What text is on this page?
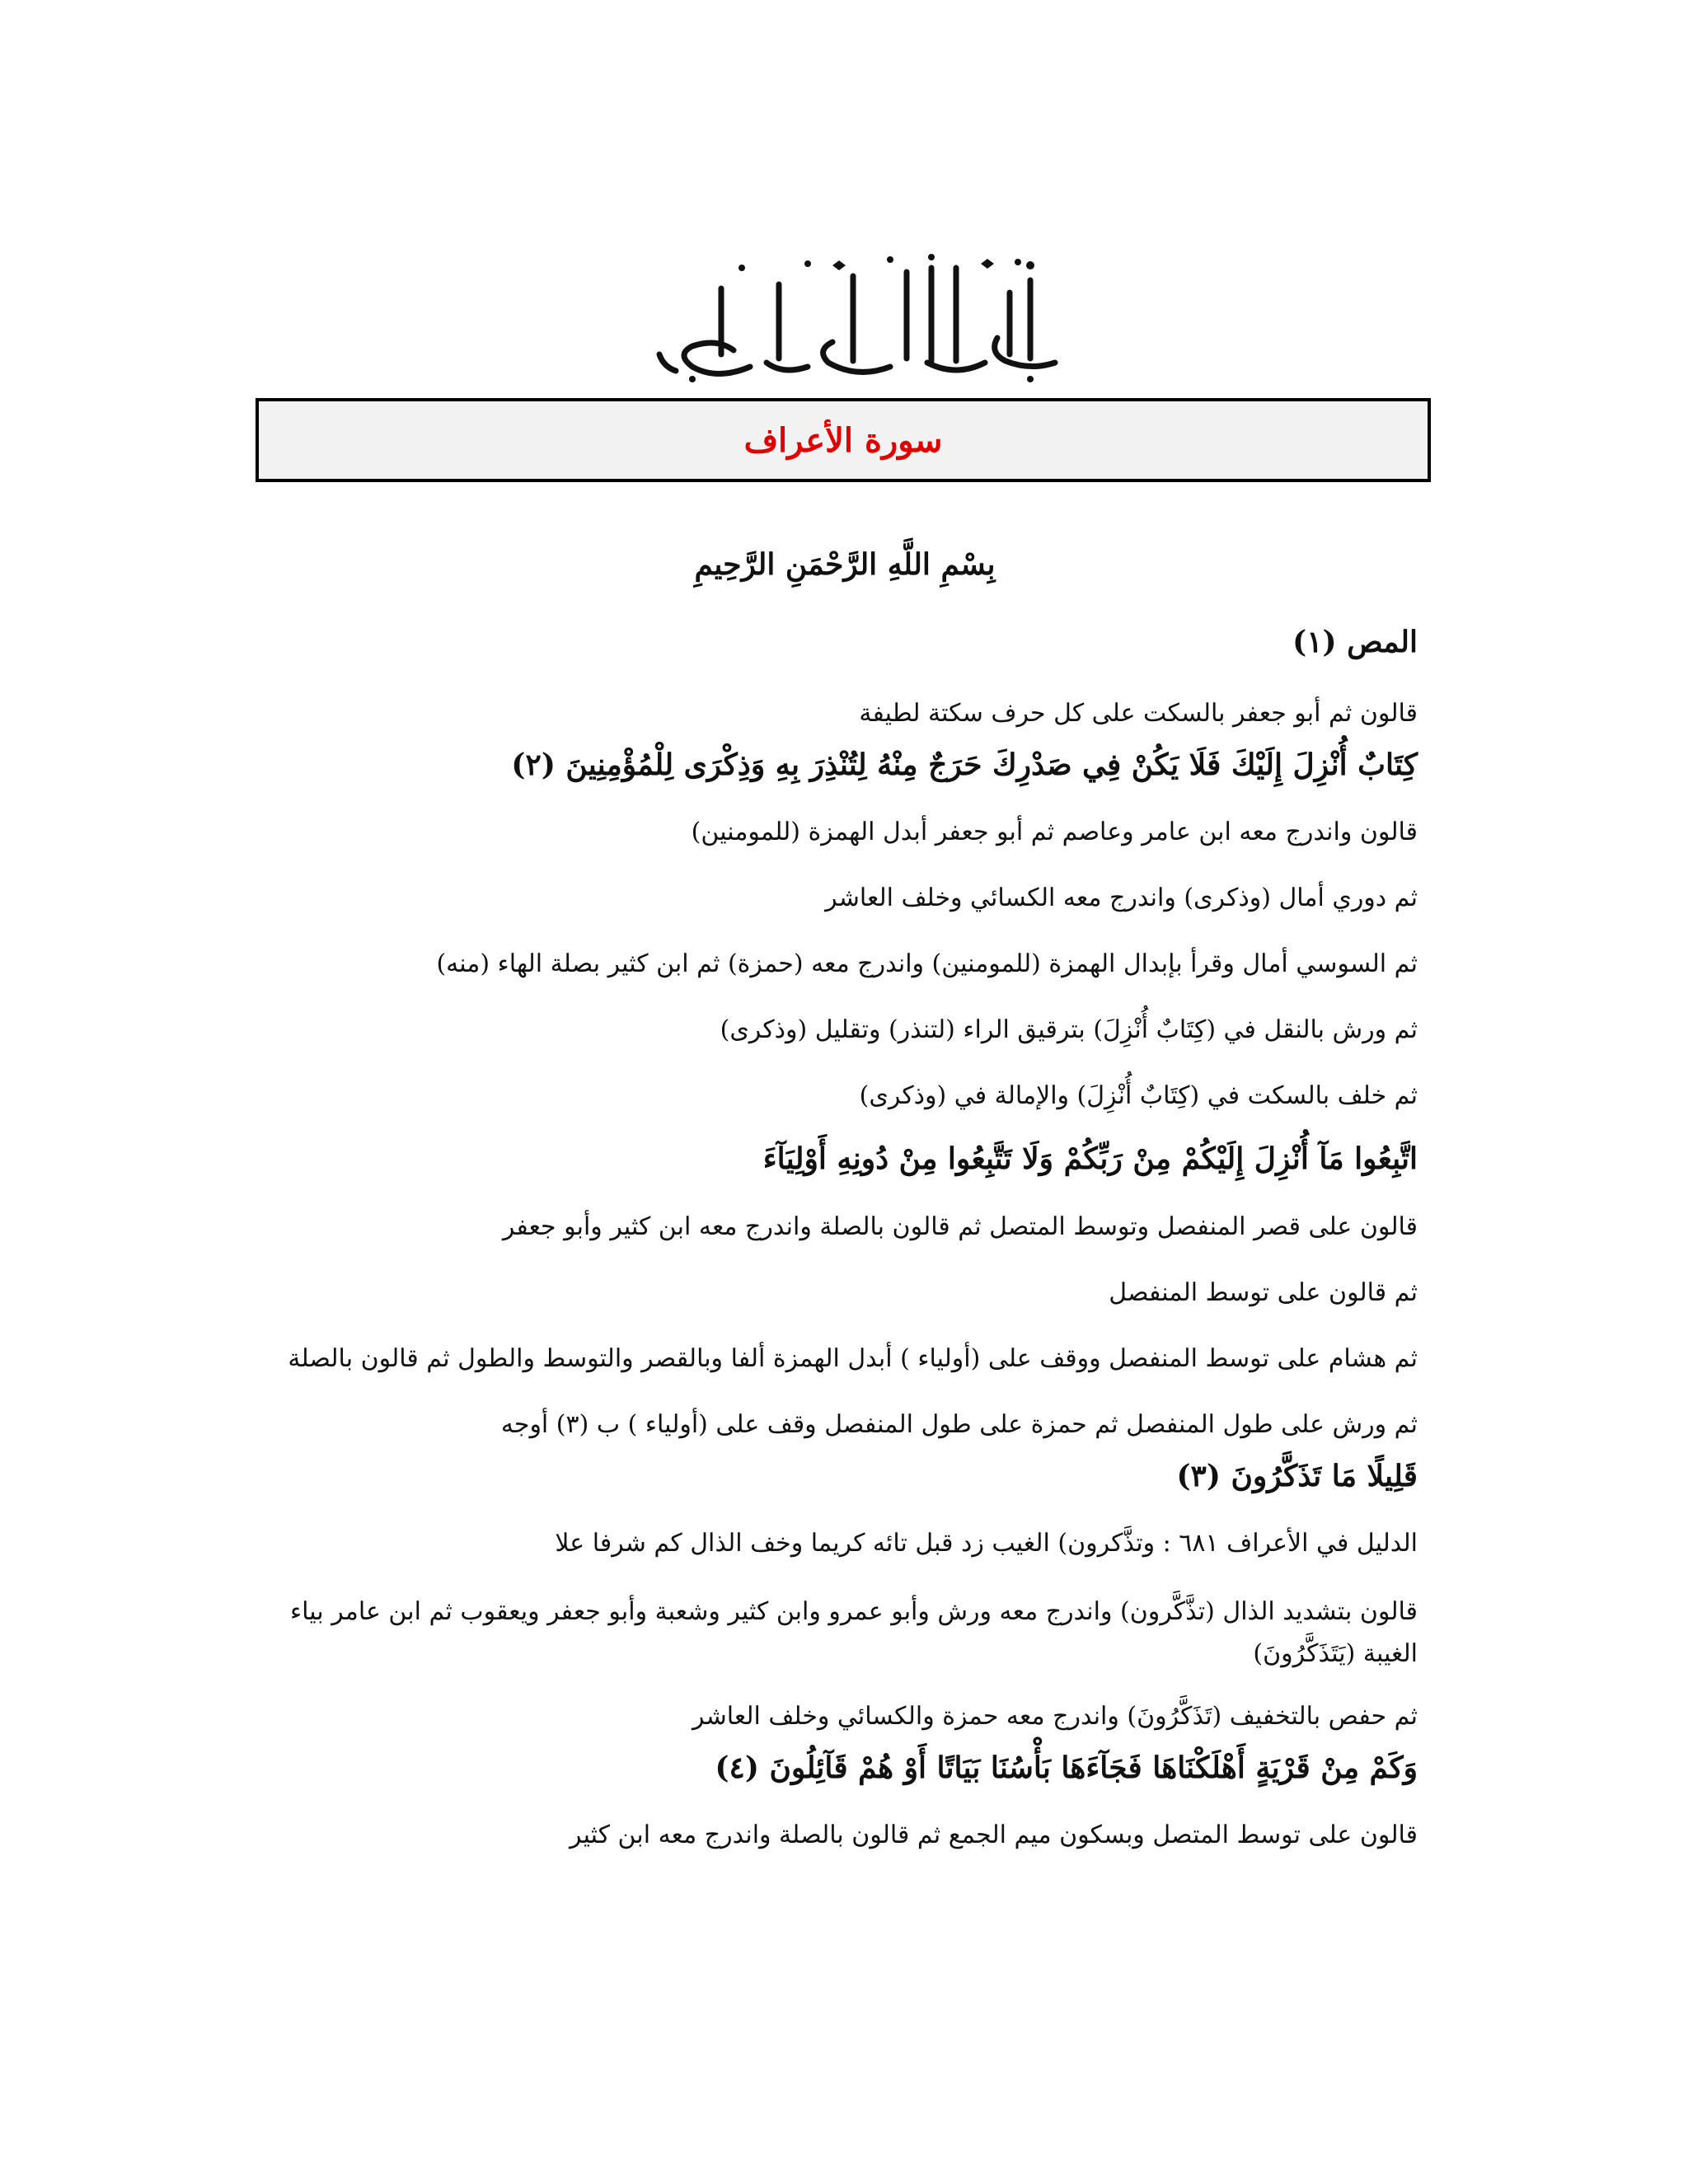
سورة الأعراف
بِسْمِ اللَّهِ الرَّحْمَنِ الرَّحِيمِ
المص (١)
قالون ثم أبو جعفر بالسكت على كل حرف سكتة لطيفة
كِتَابٌ أُنْزِلَ إِلَيْكَ فَلَا يَكُنْ فِي صَدْرِكَ حَرَجٌ مِنْهُ لِتُنْذِرَ بِهِ وَذِكْرَى لِلْمُؤْمِنِينَ (٢)
قالون واندرج معه ابن عامر وعاصم ثم أبو جعفر أبدل الهمزة (للمومنين)
ثم دوري أمال (وذكرى) واندرج معه الكسائي وخلف العاشر
ثم السوسي أمال وقرأ بإبدال الهمزة (للمومنين) واندرج معه (حمزة) ثم ابن كثير بصلة الهاء (منه)
ثم ورش بالنقل في (كِتَابٌ أُنْزِلَ) بترقيق الراء (لتنذر) وتقليل (وذكرى)
ثم خلف بالسكت في (كِتَابٌ أُنْزِلَ) والإمالة في (وذكرى)
اتَّبِعُوا مَآ أُنْزِلَ إِلَيْكُمْ مِنْ رَبِّكُمْ وَلَا تَتَّبِعُوا مِنْ دُونِهِ أَوْلِيَآءَ
قالون على قصر المنفصل وتوسط المتصل ثم قالون بالصلة واندرج معه ابن كثير وأبو جعفر
ثم قالون على توسط المنفصل
ثم هشام على توسط المنفصل ووقف على (أولياء ) أبدل الهمزة ألفا وبالقصر والتوسط والطول ثم قالون بالصلة
ثم ورش على طول المنفصل ثم حمزة على طول المنفصل وقف على (أولياء ) ب (٣) أوجه
قَلِيلًا مَا تَذَكَّرُونَ (٣)
الدليل في الأعراف ٦٨١ : وتذَّكرون) الغيب زد قبل تائه كريما وخف الذال كم شرفا علا
قالون بتشديد الذال (تذَّكَّرون) واندرج معه ورش وأبو عمرو وابن كثير وشعبة وأبو جعفر ويعقوب ثم ابن عامر بياء الغيبة (يَتَذَكَّرُونَ)
ثم حفص بالتخفيف (تَذَكَّرُونَ) واندرج معه حمزة والكسائي وخلف العاشر
وَكَمْ مِنْ قَرْيَةٍ أَهْلَكْنَاهَا فَجَآءَهَا بَأْسُنَا بَيَاتًا أَوْ هُمْ قَآئِلُونَ (٤)
قالون على توسط المتصل وبسكون ميم الجمع ثم قالون بالصلة واندرج معه ابن كثير
